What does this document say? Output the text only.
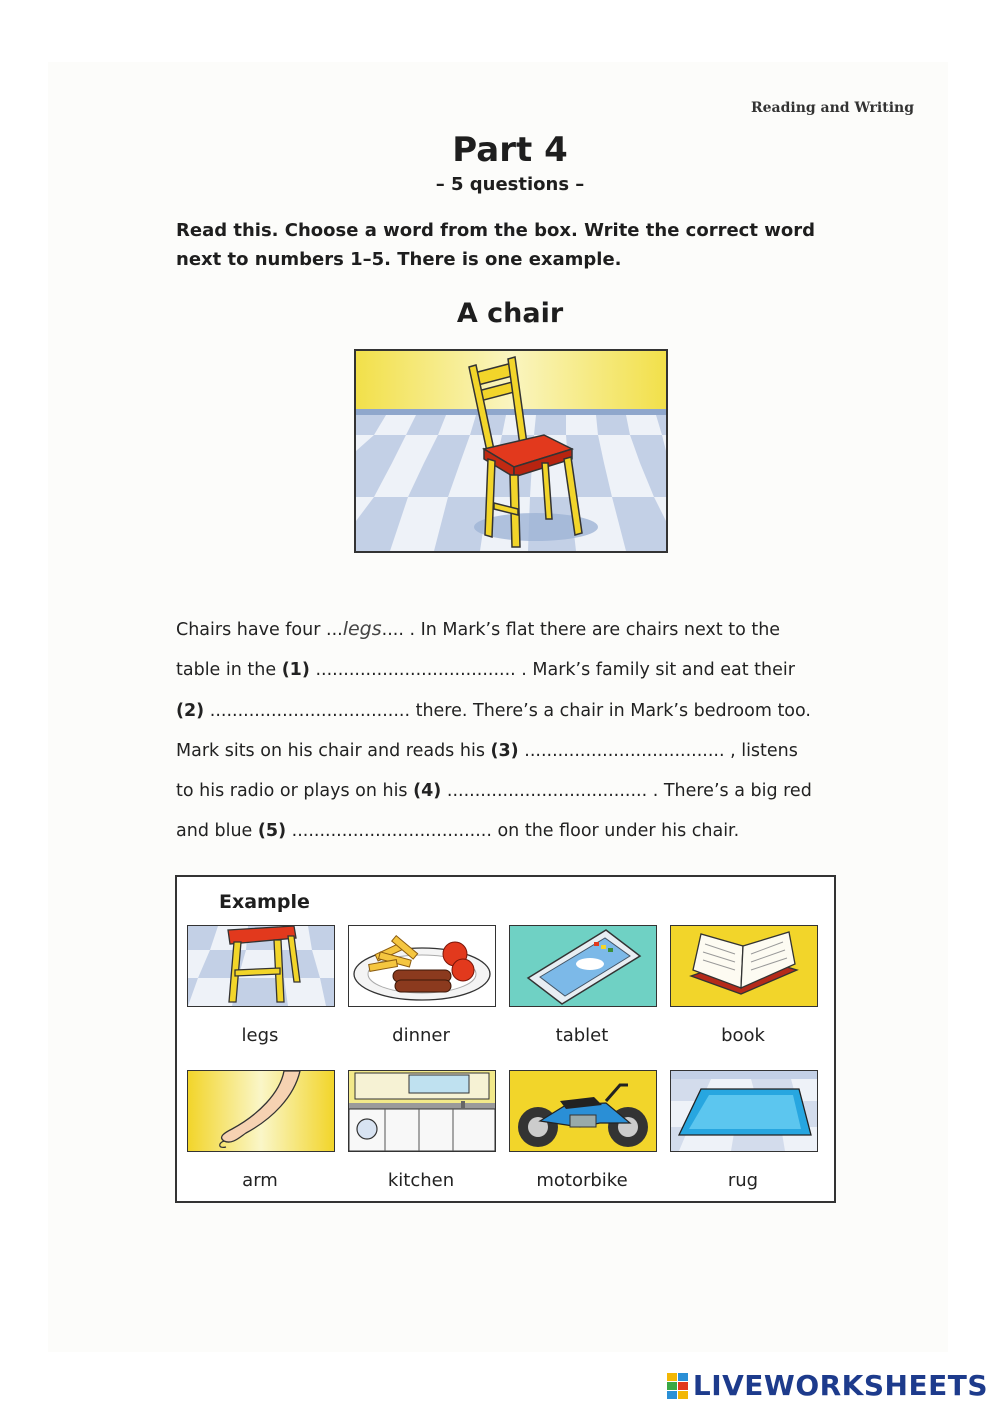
Reading and Writing
Part 4
– 5 questions –
Read this. Choose a word from the box. Write the correct word
next to numbers 1–5. There is one example.
A chair
Chairs have four ...legs.... . In Mark’s flat there are chairs next to the
table in the (1) .................................... . Mark’s family sit and eat their
(2) .................................... there. There’s a chair in Mark’s bedroom too.
Mark sits on his chair and reads his (3) .................................... , listens
to his radio or plays on his (4) .................................... . There’s a big red
and blue (5) .................................... on the floor under his chair.
Example
legs	dinner	tablet	book
arm	kitchen	motorbike	rug
LIVEWORKSHEETS
